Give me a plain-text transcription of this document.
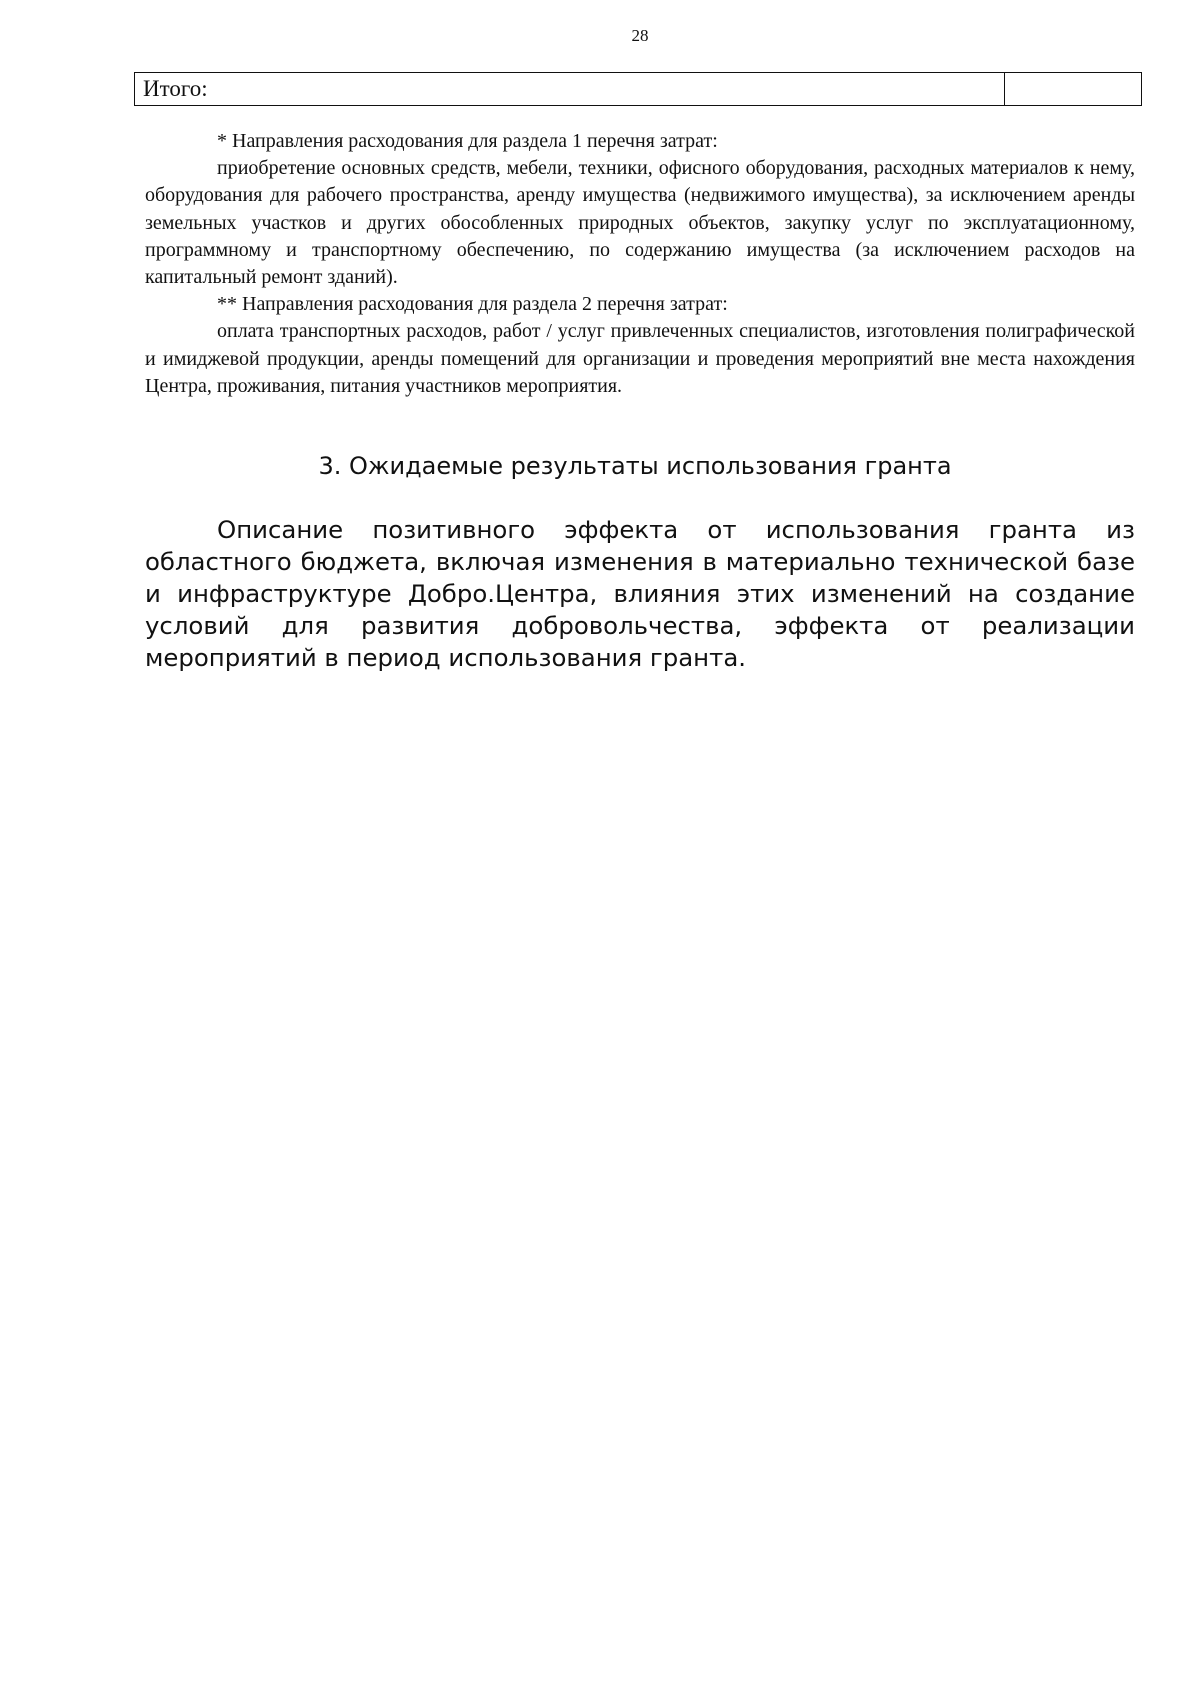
28
Итого:

* Направления расходования для раздела 1 перечня затрат:

приобретение основных средств, мебели, техники, офисного оборудования, расходных материалов к нему, оборудования для рабочего пространства, аренду имущества (недвижимого имущества), за исключением аренды земельных участков и других обособленных природных объектов, закупку услуг по эксплуатационному, программному и транспортному обеспечению, по содержанию имущества (за исключением расходов на капитальный ремонт зданий).

** Направления расходования для раздела 2 перечня затрат:

оплата транспортных расходов, работ / услуг привлеченных специалистов, изготовления полиграфической и имиджевой продукции, аренды помещений для организации и проведения мероприятий вне места нахождения Центра, проживания, питания участников мероприятия.

3. Ожидаемые результаты использования гранта

Описание позитивного эффекта от использования гранта из областного бюджета, включая изменения в материально технической базе и инфраструктуре Добро.Центра, влияния этих изменений на создание условий для развития добровольчества, эффекта от реализации мероприятий в период использования гранта.
